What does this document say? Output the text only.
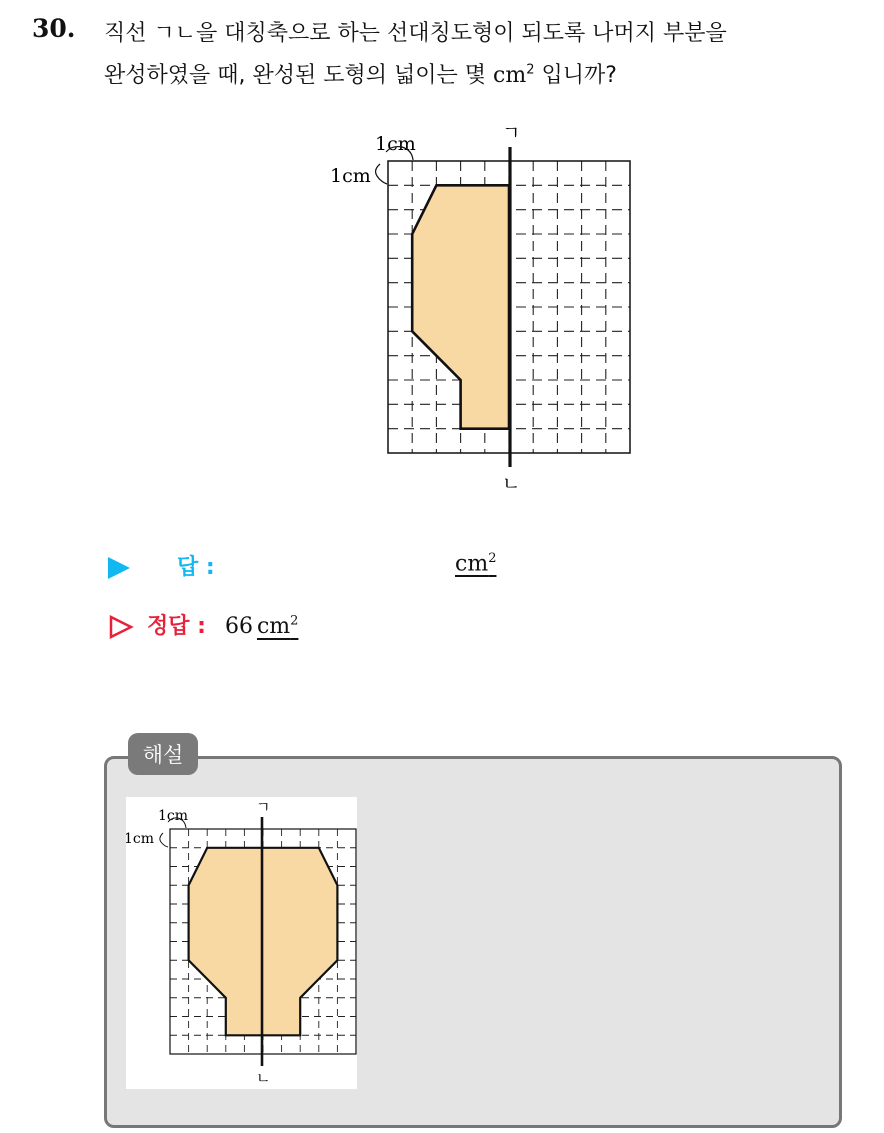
30. 직선 ㄱㄴ을 대칭축으로 하는 선대칭도형이 되도록 나머지 부분을
완성하였을 때, 완성된 도형의 넓이는 몇 $cm^2$ 입니까?
1cm
1cm
ㄱ
ㄴ
답 :	$cm^2$
정답 : 66 $cm^2$
해설
1cm
1cm
ㄱ
ㄴ
